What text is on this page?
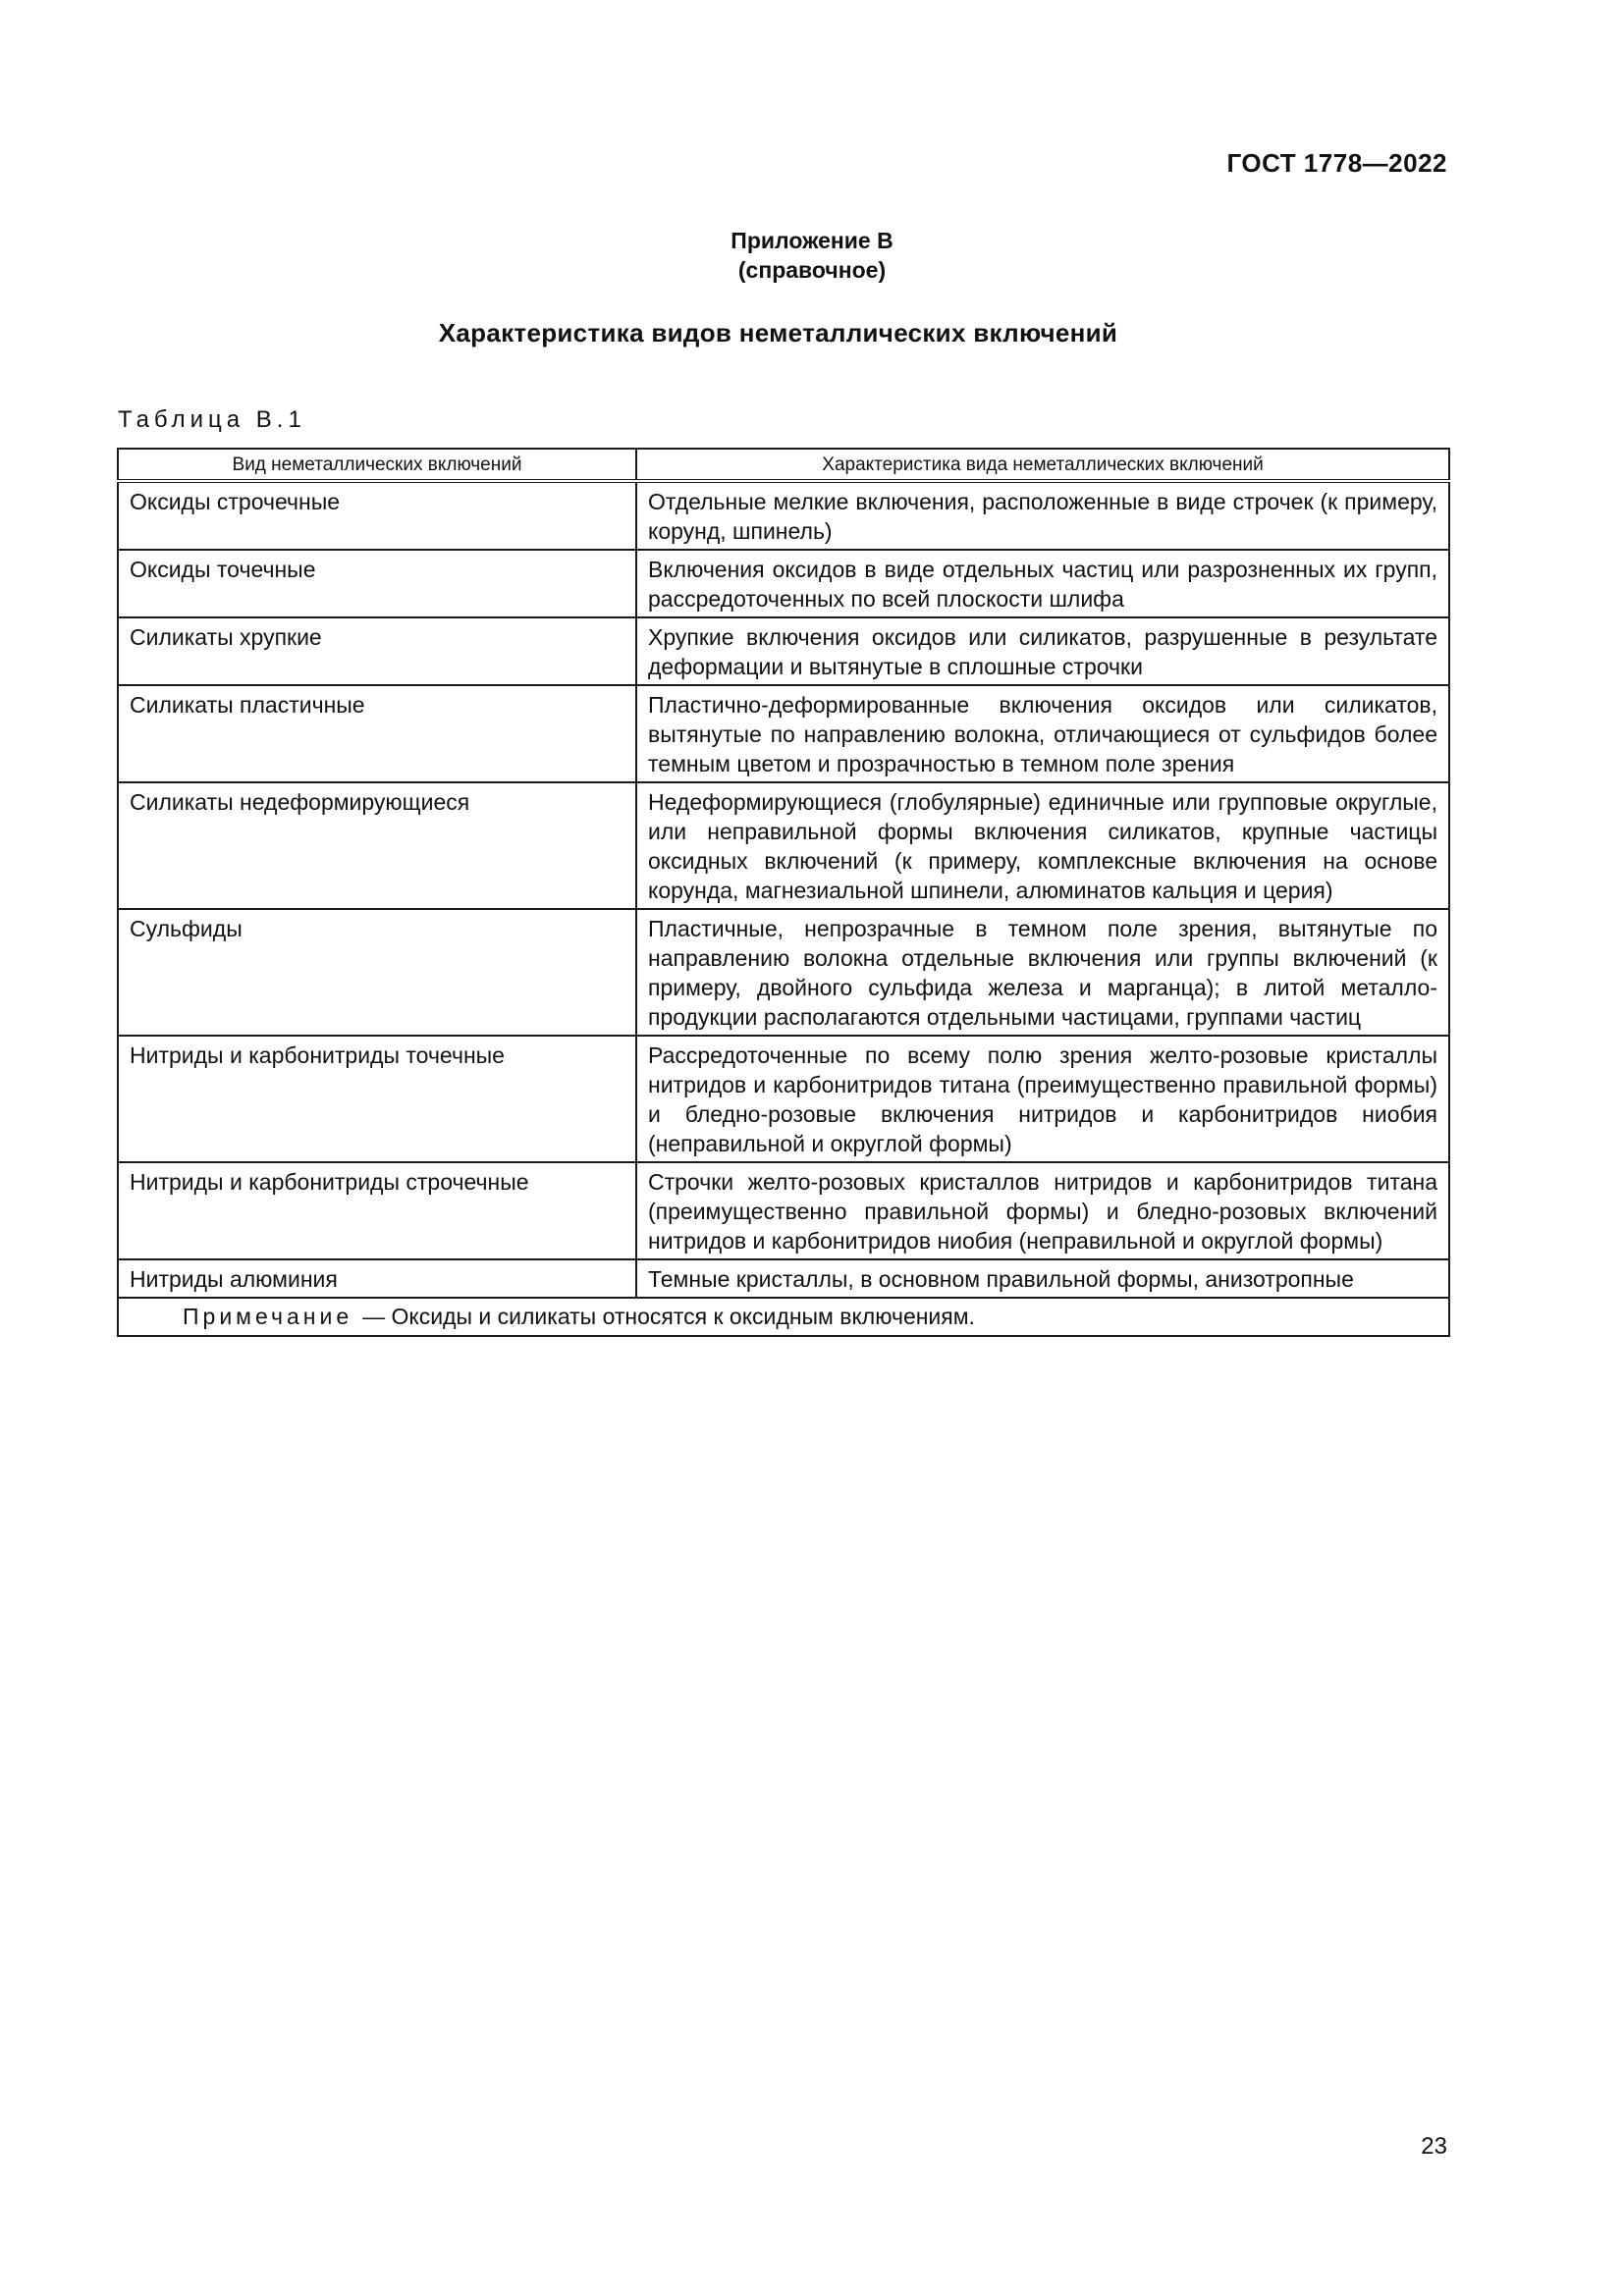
ГОСТ 1778—2022
Приложение В
(справочное)
Характеристика видов неметаллических включений
Таблица В.1
Вид неметаллических включений	Характеристика вида неметаллических включений
Оксиды строчечные	Отдельные мелкие включения, расположенные в виде строчек (к примеру, корунд, шпинель)
Оксиды точечные	Включения оксидов в виде отдельных частиц или разрозненных их групп, рассредоточенных по всей плоскости шлифа
Силикаты хрупкие	Хрупкие включения оксидов или силикатов, разрушенные в результате деформации и вытянутые в сплошные строчки
Силикаты пластичные	Пластично-деформированные включения оксидов или силикатов, вытянутые по направлению волокна, отличающиеся от сульфидов более темным цветом и прозрачностью в темном поле зрения
Силикаты недеформирующиеся	Недеформирующиеся (глобулярные) единичные или групповые округлые, или неправильной формы включения силикатов, крупные частицы оксидных включений (к примеру, комплексные включения на основе корунда, магнезиальной шпинели, алюминатов кальция и церия)
Сульфиды	Пластичные, непрозрачные в темном поле зрения, вытянутые по направлению волокна отдельные включения или группы включений (к примеру, двойного сульфида железа и марганца); в литой металлопродукции располагаются отдельными частицами, группами частиц
Нитриды и карбонитриды точечные	Рассредоточенные по всему полю зрения желто-розовые кристаллы нитридов и карбонитридов титана (преимущественно правильной формы) и бледно-розовые включения нитридов и карбонитридов ниобия (неправильной и округлой формы)
Нитриды и карбонитриды строчечные	Строчки желто-розовых кристаллов нитридов и карбонитридов титана (преимущественно правильной формы) и бледно-розовых включений нитридов и карбонитридов ниобия (неправильной и округлой формы)
Нитриды алюминия	Темные кристаллы, в основном правильной формы, анизотропные
Примечание — Оксиды и силикаты относятся к оксидным включениям.	
23
